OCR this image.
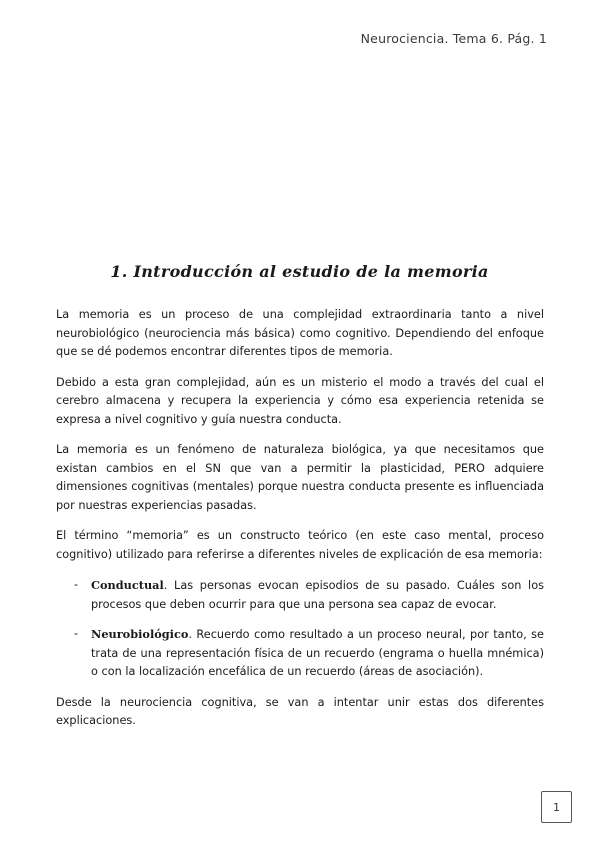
Neurociencia. Tema 6. Pág. 1
1. Introducción al estudio de la memoria

La memoria es un proceso de una complejidad extraordinaria tanto a nivel neurobiológico (neurociencia más básica) como cognitivo. Dependiendo del enfoque que se dé podemos encontrar diferentes tipos de memoria.

Debido a esta gran complejidad, aún es un misterio el modo a través del cual el cerebro almacena y recupera la experiencia y cómo esa experiencia retenida se expresa a nivel cognitivo y guía nuestra conducta.

La memoria es un fenómeno de naturaleza biológica, ya que necesitamos que existan cambios en el SN que van a permitir la plasticidad, PERO adquiere dimensiones cognitivas (mentales) porque nuestra conducta presente es influenciada por nuestras experiencias pasadas.

El término “memoria” es un constructo teórico (en este caso mental, proceso cognitivo) utilizado para referirse a diferentes niveles de explicación de esa memoria:

- Conductual. Las personas evocan episodios de su pasado. Cuáles son los procesos que deben ocurrir para que una persona sea capaz de evocar.
- Neurobiológico. Recuerdo como resultado a un proceso neural, por tanto, se trata de una representación física de un recuerdo (engrama o huella mnémica) o con la localización encefálica de un recuerdo (áreas de asociación).

Desde la neurociencia cognitiva, se van a intentar unir estas dos diferentes explicaciones.

1
